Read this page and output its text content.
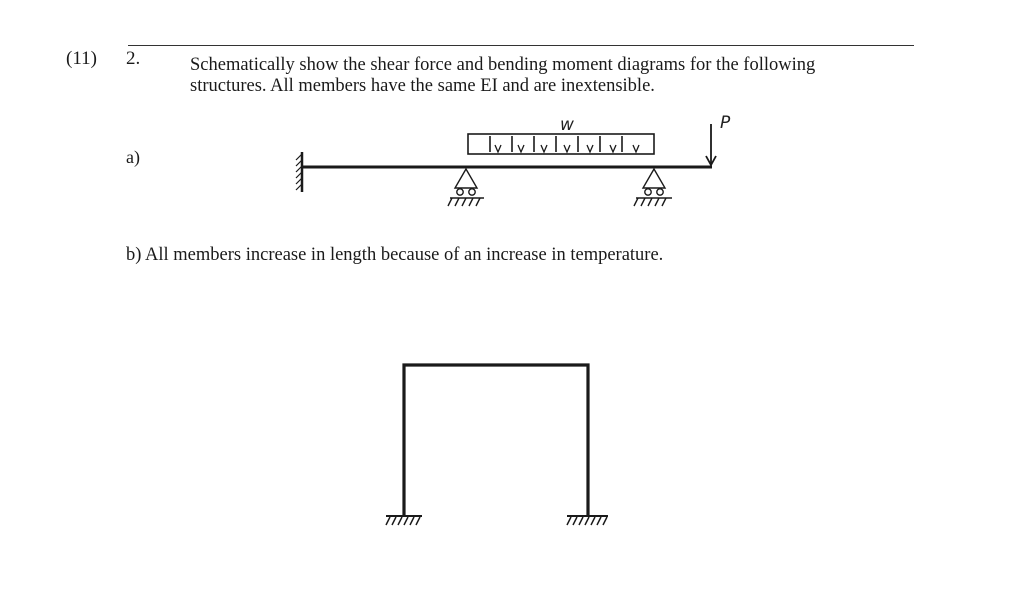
(11) 2.	Schematically show the shear force and bending moment diagrams for the following
structures. All members have the same EI and are inextensible.
a)
b) All members increase in length because of an increase in temperature.
w	P
